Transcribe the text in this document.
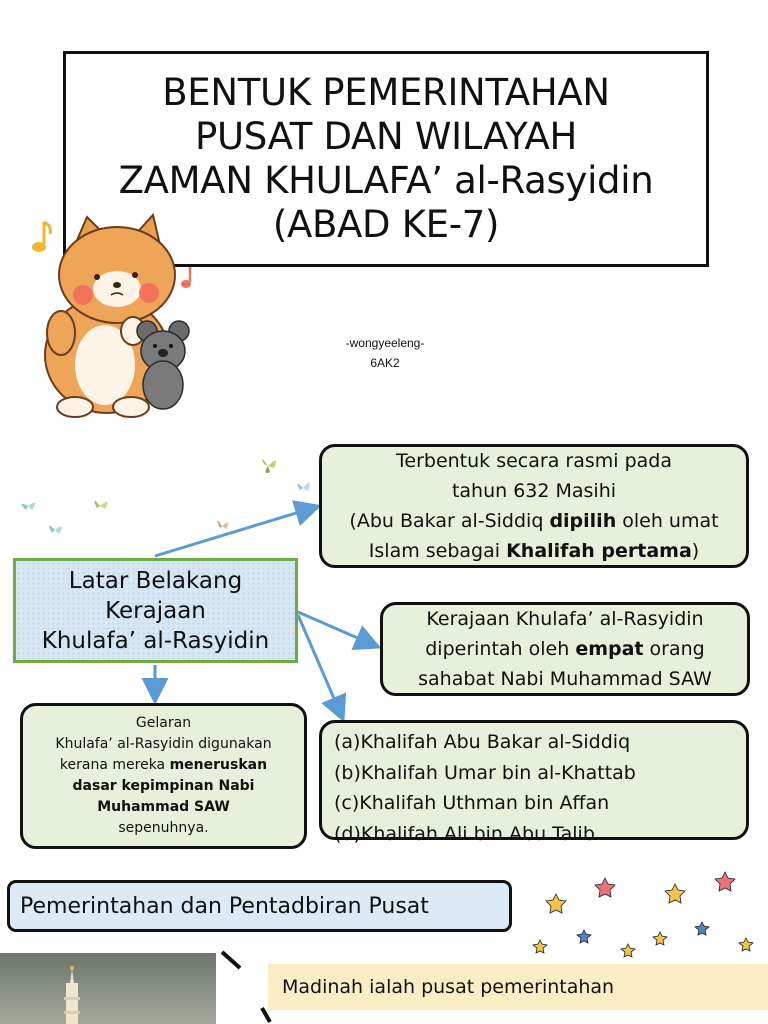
BENTUK PEMERINTAHAN
PUSAT DAN WILAYAH
ZAMAN KHULAFA’ al-Rasyidin
(ABAD KE-7)
-wongyeeleng-
6AK2
Terbentuk secara rasmi pada
tahun 632 Masihi
(Abu Bakar al-Siddiq dipilih oleh umat
Islam sebagai Khalifah pertama)
Latar Belakang
Kerajaan
Khulafa’ al-Rasyidin
Kerajaan Khulafa’ al-Rasyidin
diperintah oleh empat orang
sahabat Nabi Muhammad SAW
Gelaran
Khulafa’ al-Rasyidin digunakan
kerana mereka meneruskan
dasar kepimpinan Nabi
Muhammad SAW
sepenuhnya.
(a)Khalifah Abu Bakar al-Siddiq
(b)Khalifah Umar bin al-Khattab
(c)Khalifah Uthman bin Affan
(d)Khalifah Ali bin Abu Talib
Pemerintahan dan Pentadbiran Pusat
Madinah ialah pusat pemerintahan
